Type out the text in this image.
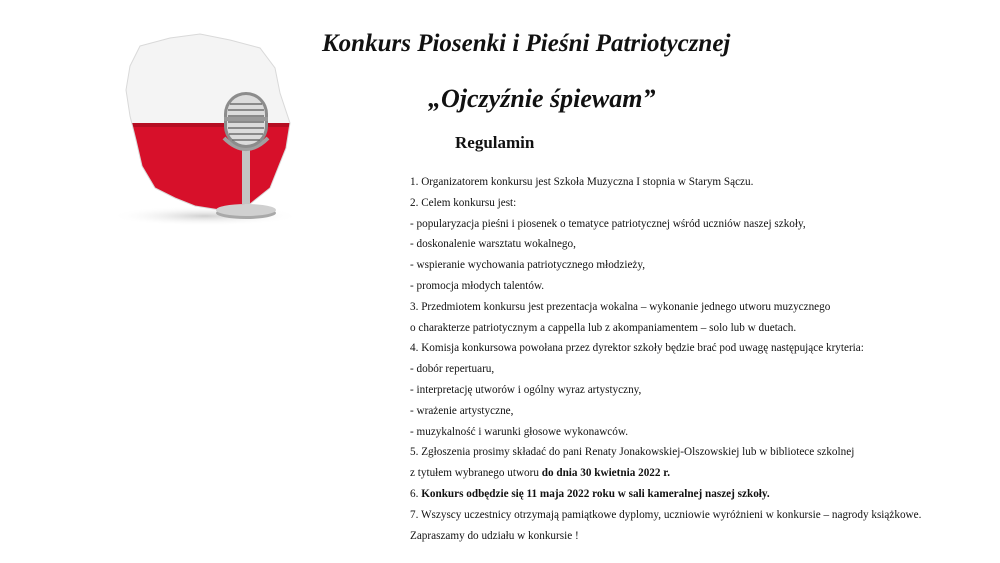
Konkurs Piosenki i Pieśni Patriotycznej
„Ojczyźnie śpiewam”
Regulamin
1. Organizatorem konkursu jest Szkoła Muzyczna I stopnia w Starym Sączu.
2. Celem konkursu jest:
- popularyzacja pieśni i piosenek o tematyce patriotycznej wśród uczniów naszej szkoły,
- doskonalenie warsztatu wokalnego,
- wspieranie wychowania patriotycznego młodzieży,
- promocja młodych talentów.
3. Przedmiotem konkursu jest prezentacja wokalna – wykonanie jednego utworu muzycznego
o charakterze patriotycznym a cappella lub z akompaniamentem – solo lub w duetach.
4. Komisja konkursowa powołana przez dyrektor szkoły będzie brać pod uwagę następujące kryteria:
- dobór repertuaru,
- interpretację utworów i ogólny wyraz artystyczny,
- wrażenie artystyczne,
- muzykalność i warunki głosowe wykonawców.
5. Zgłoszenia prosimy składać do pani Renaty Jonakowskiej-Olszowskiej lub w bibliotece szkolnej
z tytułem wybranego utworu do dnia 30 kwietnia 2022 r.
6. Konkurs odbędzie się 11 maja 2022 roku w sali kameralnej naszej szkoły.
7. Wszyscy uczestnicy otrzymają pamiątkowe dyplomy, uczniowie wyróżnieni w konkursie – nagrody książkowe.
Zapraszamy do udziału w konkursie !
